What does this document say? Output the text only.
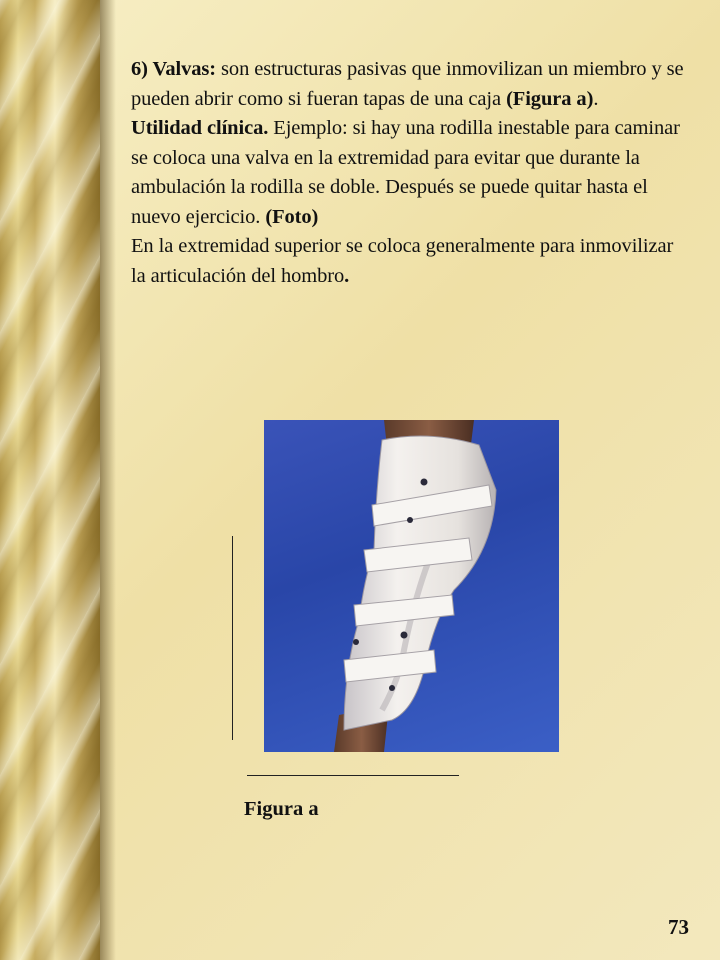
6) Valvas: son estructuras pasivas que inmovilizan un miembro y se pueden abrir como si fueran tapas de una caja (Figura a).

Utilidad clínica. Ejemplo: si hay una rodilla inestable para caminar se coloca una valva en la extremidad para evitar que durante la ambulación la rodilla se doble. Después se puede quitar hasta el nuevo ejercicio. (Foto)

En la extremidad superior se coloca generalmente para inmovilizar la articulación del hombro.

Figura a
73
